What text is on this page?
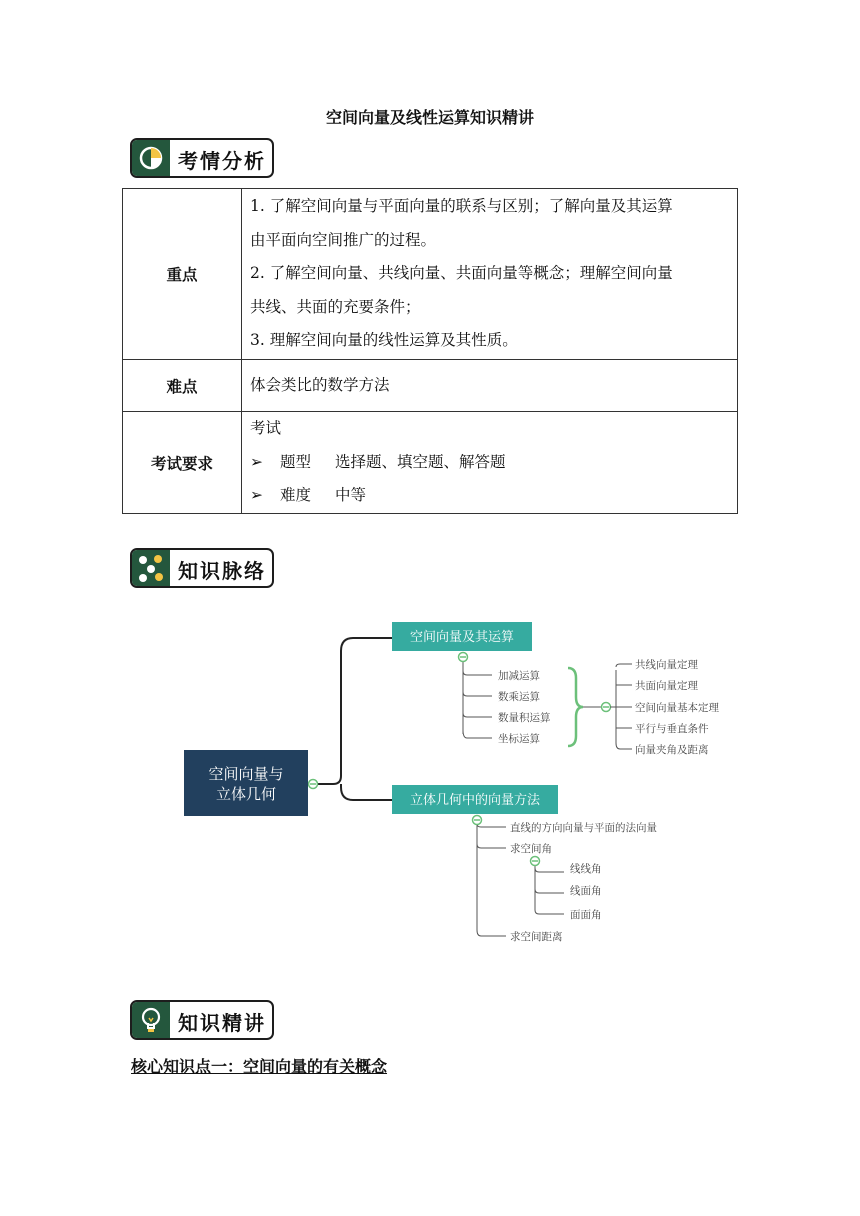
空间向量及线性运算知识精讲
考情分析
重点	1. 了解空间向量与平面向量的联系与区别；了解向量及其运算
由平面向空间推广的过程。
2. 了解空间向量、共线向量、共面向量等概念；理解空间向量
共线、共面的充要条件；
3. 理解空间向量的线性运算及其性质。

难点	体会类比的数学方法
考试要求	考试
➢ 题型 选择题、填空题、解答题
➢ 难度 中等
知识脉络
空间向量与
立体几何
空间向量及其运算
加减运算
数乘运算
数量积运算
坐标运算
共线向量定理
共面向量定理
空间向量基本定理
平行与垂直条件
向量夹角及距离
立体几何中的向量方法
直线的方向向量与平面的法向量
求空间角
求空间距离
线线角
线面角
面面角
知识精讲
核心知识点一：空间向量的有关概念
